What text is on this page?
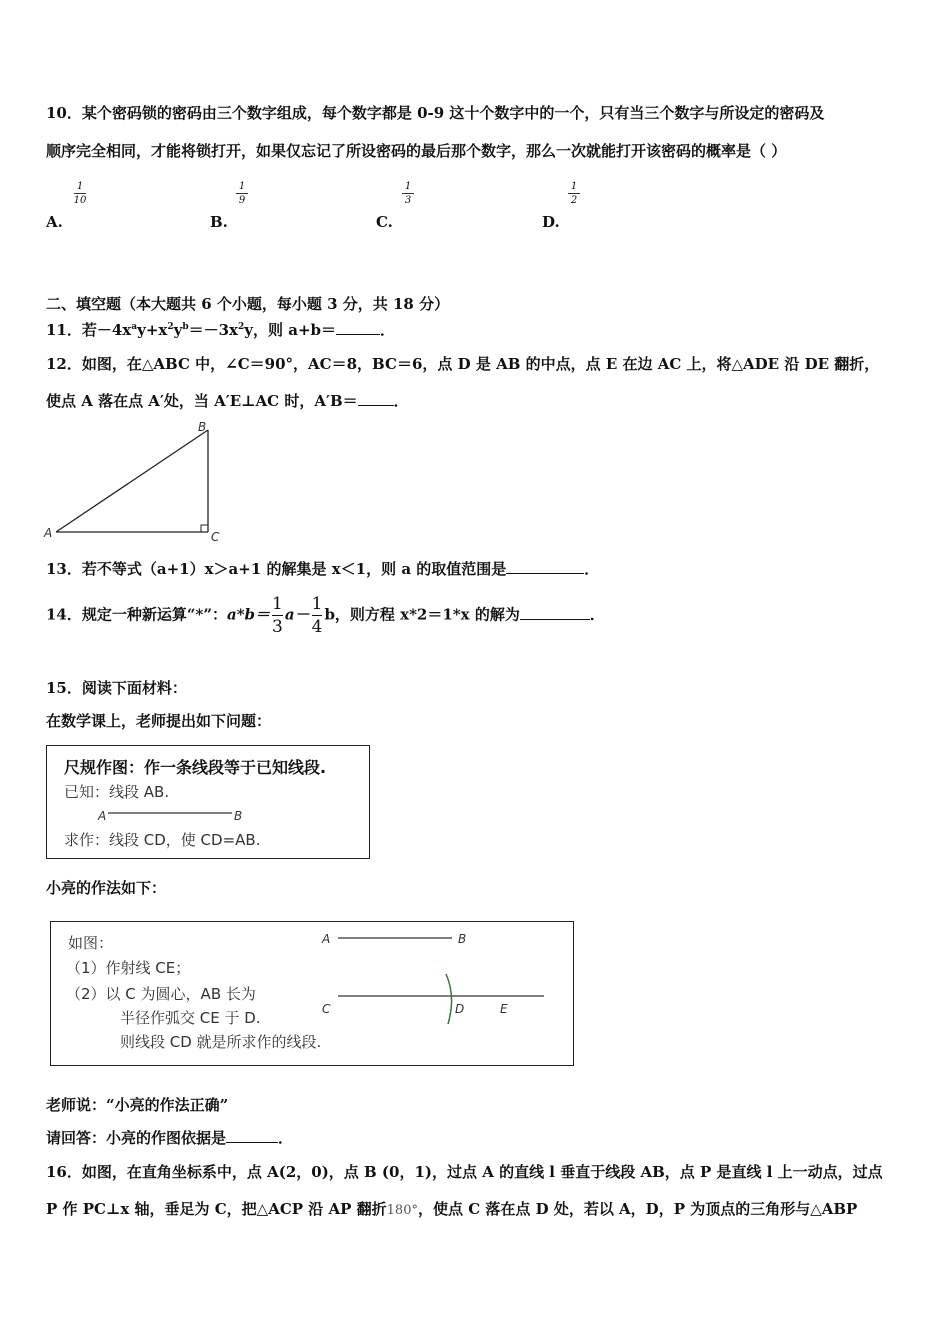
10．某个密码锁的密码由三个数字组成，每个数字都是 0-9 这十个数字中的一个，只有当三个数字与所设定的密码及
顺序完全相同，才能将锁打开，如果仅忘记了所设密码的最后那个数字，那么一次就能打开该密码的概率是（ ）
1
10
A.
1
9
B.
1
3
C.
1
2
D.
二、填空题（本大题共 6 个小题，每小题 3 分，共 18 分）
11．若$-4x^ay+x^2y^b=-3x^2y$，则 a+b＝	．
12．如图，在△ABC 中，∠C＝90°，AC＝8，BC＝6，点 D 是 AB 的中点，点 E 在边 AC 上，将△ADE 沿 DE 翻折，
使点 A 落在点 A′处，当 A′E⊥AC 时，A′B＝ ．
A
B
C
13．若不等式（a+1）x＞a+1 的解集是 x＜1，则 a 的取值范围是	．
14．规定一种新运算“*”：$a*b= \frac{1}{3} a- \frac{1}{4}$ b，则方程 x*2＝1*x 的解为	．
15．阅读下面材料：
在数学课上，老师提出如下问题：
尺规作图：作一条线段等于已知线段.
已知：线段 AB.
A	B
求作：线段 CD，使 CD=AB.
小亮的作法如下：
如图：
（1）作射线 CE；
（2）以 C 为圆心，AB 长为
半径作弧交 CE 于 D.
则线段 CD 就是所求作的线段.
A	B
C	D	E
老师说：“小亮的作法正确”
请回答：小亮的作图依据是	．
16．如图，在直角坐标系中，点 A(2，0)，点 B (0，1)，过点 A 的直线 l 垂直于线段 AB，点 P 是直线 l 上一动点，过点
P 作 PC⊥x 轴，垂足为 C，把△ACP 沿 AP 翻折180°，使点 C 落在点 D 处，若以 A，D，P 为顶点的三角形与△ABP
